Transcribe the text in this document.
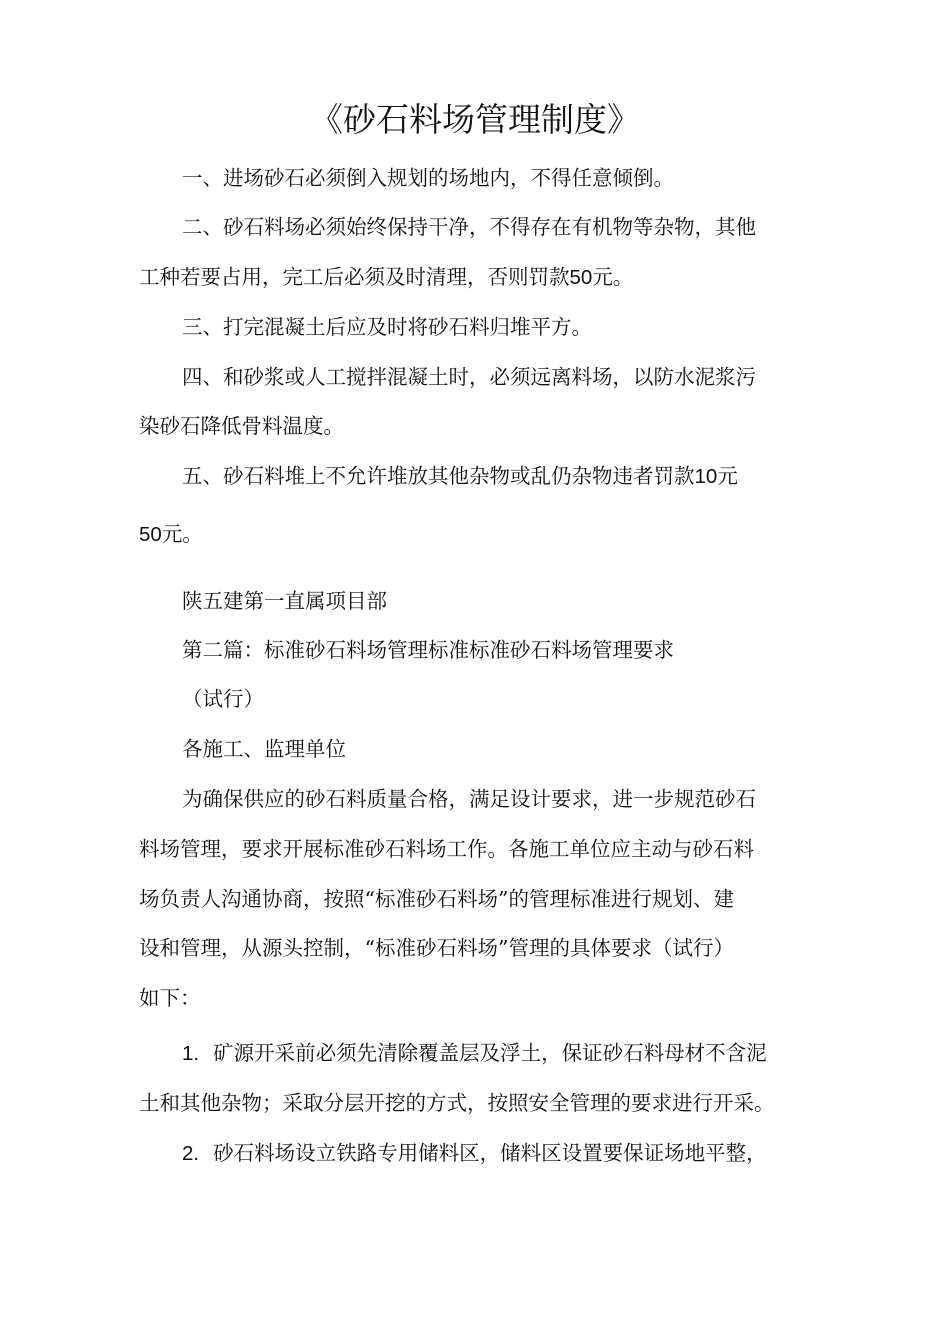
《砂石料场管理制度》
一、进场砂石必须倒入规划的场地内，不得任意倾倒。
二、砂石料场必须始终保持干净，不得存在有机物等杂物，其他
工种若要占用，完工后必须及时清理，否则罚款50元。
三、打完混凝土后应及时将砂石料归堆平方。
四、和砂浆或人工搅拌混凝土时，必须远离料场，以防水泥浆污
染砂石降低骨料温度。
五、砂石料堆上不允许堆放其他杂物或乱仍杂物违者罚款10元
50元。
陕五建第一直属项目部
第二篇：标准砂石料场管理标准标准砂石料场管理要求
（试行）
各施工、监理单位
为确保供应的砂石料质量合格，满足设计要求，进一步规范砂石
料场管理，要求开展标准砂石料场工作。各施工单位应主动与砂石料
场负责人沟通协商，按照“标准砂石料场”的管理标准进行规划、建
设和管理，从源头控制，“标准砂石料场”管理的具体要求（试行）
如下：
1. 矿源开采前必须先清除覆盖层及浮土，保证砂石料母材不含泥
土和其他杂物；采取分层开挖的方式，按照安全管理的要求进行开采。
2. 砂石料场设立铁路专用储料区，储料区设置要保证场地平整，
